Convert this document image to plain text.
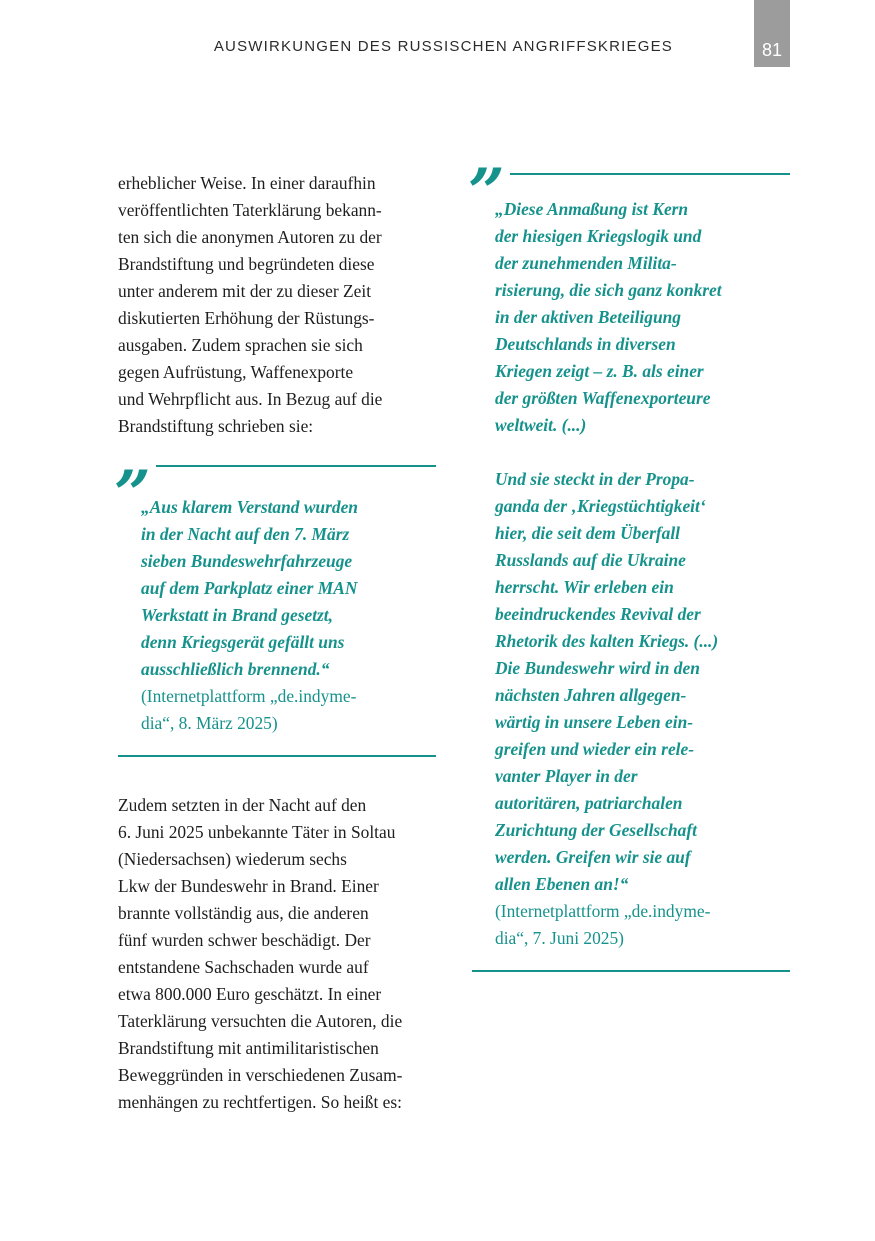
AUSWIRKUNGEN DES RUSSISCHEN ANGRIFFSKRIEGES	81

erheblicher Weise. In einer daraufhin
veröffentlichten Taterklärung bekann-
ten sich die anonymen Autoren zu der
Brandstiftung und begründeten diese
unter anderem mit der zu dieser Zeit
diskutierten Erhöhung der Rüstungs-
ausgaben. Zudem sprachen sie sich
gegen Aufrüstung, Waffenexporte
und Wehrpflicht aus. In Bezug auf die
Brandstiftung schrieben sie:

” „Aus klarem Verstand wurden
in der Nacht auf den 7. März
sieben Bundeswehrfahrzeuge
auf dem Parkplatz einer MAN
Werkstatt in Brand gesetzt,
denn Kriegsgerät gefällt uns
ausschließlich brennend.“
(Internetplattform „de.indyme-
dia“, 8. März 2025)

Zudem setzten in der Nacht auf den
6. Juni 2025 unbekannte Täter in Soltau
(Niedersachsen) wiederum sechs
Lkw der Bundeswehr in Brand. Einer
brannte vollständig aus, die anderen
fünf wurden schwer beschädigt. Der
entstandene Sachschaden wurde auf
etwa 800.000 Euro geschätzt. In einer
Taterklärung versuchten die Autoren, die
Brandstiftung mit antimilitaristischen
Beweggründen in verschiedenen Zusam-
menhängen zu rechtfertigen. So heißt es:

” „Diese Anmaßung ist Kern
der hiesigen Kriegslogik und
der zunehmenden Milita-
risierung, die sich ganz konkret
in der aktiven Beteiligung
Deutschlands in diversen
Kriegen zeigt – z. B. als einer
der größten Waffenexporteure
weltweit. (...)
Und sie steckt in der Propa-
ganda der ‚Kriegstüchtigkeit‘
hier, die seit dem Überfall
Russlands auf die Ukraine
herrscht. Wir erleben ein
beeindruckendes Revival der
Rhetorik des kalten Kriegs. (...)
Die Bundeswehr wird in den
nächsten Jahren allgegen-
wärtig in unsere Leben ein-
greifen und wieder ein rele-
vanter Player in der
autoritären, patriarchalen
Zurichtung der Gesellschaft
werden. Greifen wir sie auf
allen Ebenen an!“
(Internetplattform „de.indyme-
dia“, 7. Juni 2025)
